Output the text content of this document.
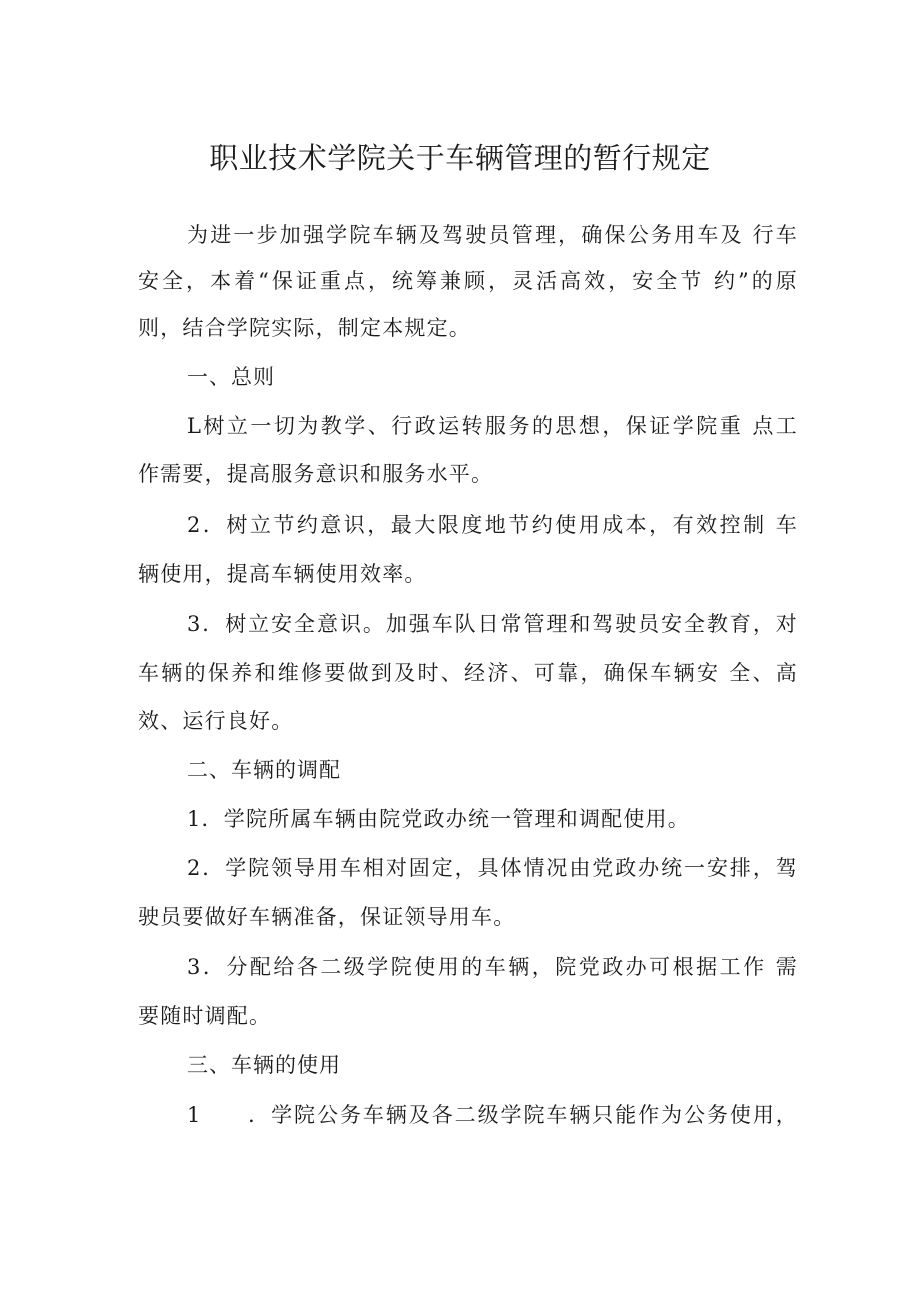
职业技术学院关于车辆管理的暂行规定
为进一步加强学院车辆及驾驶员管理，确保公务用车及 行车
安全，本着“保证重点，统筹兼顾，灵活高效，安全节 约”的原
则，结合学院实际，制定本规定。
一、总则
L树立一切为教学、行政运转服务的思想，保证学院重 点工
作需要，提高服务意识和服务水平。
2．树立节约意识，最大限度地节约使用成本，有效控制 车
辆使用，提高车辆使用效率。
3．树立安全意识。加强车队日常管理和驾驶员安全教育，对
车辆的保养和维修要做到及时、经济、可靠，确保车辆安 全、高
效、运行良好。
二、车辆的调配
1．学院所属车辆由院党政办统一管理和调配使用。
2．学院领导用车相对固定，具体情况由党政办统一安排，驾
驶员要做好车辆准备，保证领导用车。
3．分配给各二级学院使用的车辆，院党政办可根据工作 需
要随时调配。
三、车辆的使用
1　　．学院公务车辆及各二级学院车辆只能作为公务使用，
